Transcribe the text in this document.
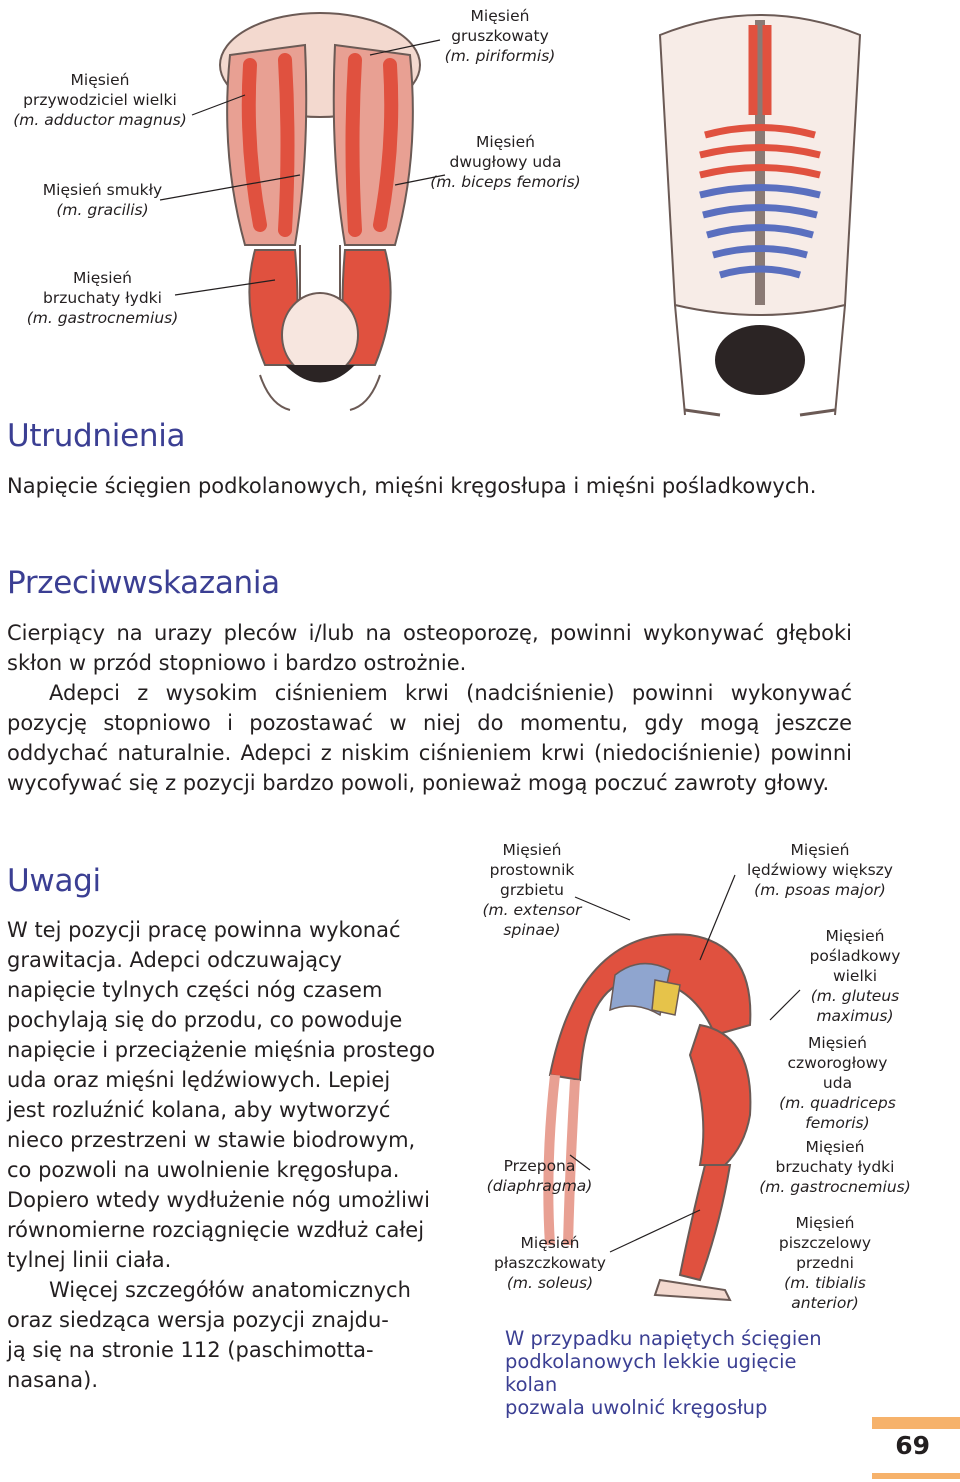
Mięsień
przywodziciel wielki
(m. adductor magnus)
Mięsień smukły
(m. gracilis)
Mięsień
brzuchaty łydki
(m. gastrocnemius)
Mięsień
gruszkowaty
(m. piriformis)
Mięsień
dwugłowy uda
(m. biceps femoris)
Utrudnienia

Napięcie ścięgien podkolanowych, mięśni kręgosłupa i mięśni pośladkowych.

Przeciwwskazania

Cierpiący na urazy pleców i/lub na osteoporozę, powinni wykonywać głęboki skłon w przód stopniowo i bardzo ostrożnie.

Adepci z wysokim ciśnieniem krwi (nadciśnienie) powinni wykonywać pozycję stopniowo i pozostawać w niej do momentu, gdy mogą jeszcze oddychać naturalnie. Adepci z niskim ciśnieniem krwi (niedociśnienie) powinni wycofywać się z pozycji bardzo powoli, ponieważ mogą poczuć zawroty głowy.

Uwagi

W tej pozycji pracę powinna wykonać

grawitacja. Adepci odczuwający

napięcie tylnych części nóg czasem

pochylają się do przodu, co powoduje

napięcie i przeciążenie mięśnia prostego

uda oraz mięśni lędźwiowych. Lepiej

jest rozluźnić kolana, aby wytworzyć

nieco przestrzeni w stawie biodrowym,

co pozwoli na uwolnienie kręgosłupa.

Dopiero wtedy wydłużenie nóg umożliwi

równomierne rozciągnięcie wzdłuż całej

tylnej linii ciała.

Więcej szczegółów anatomicznych

oraz siedząca wersja pozycji znajdu-

ją się na stronie 112 (paschimotta-

nasana).

Mięsień
prostownik
grzbietu
(m. extensor
spinae)
Przepona
(diaphragma)
Mięsień
płaszczkowaty
(m. soleus)
Mięsień
lędźwiowy większy
(m. psoas major)
Mięsień
pośladkowy
wielki
(m. gluteus
maximus)
Mięsień
czworogłowy
uda
(m. quadriceps
femoris)
Mięsień
brzuchaty łydki
(m. gastrocnemius)
Mięsień
piszczelowy
przedni
(m. tibialis
anterior)
W przypadku napiętych ścięgien
podkolanowych lekkie ugięcie kolan
pozwala uwolnić kręgosłup
69
